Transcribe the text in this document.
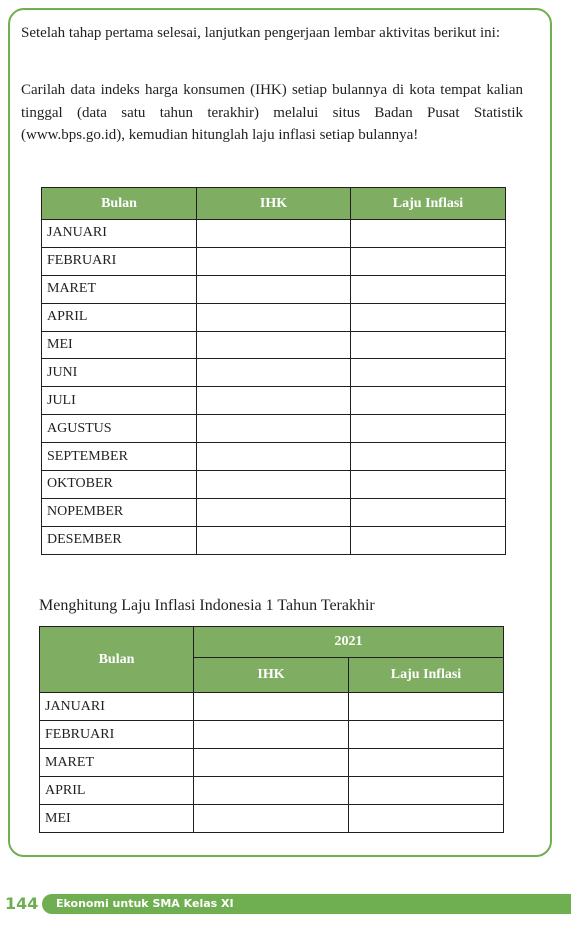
Setelah tahap pertama selesai, lanjutkan pengerjaan lembar aktivitas berikut ini:

Carilah data indeks harga konsumen (IHK) setiap bulannya di kota tempat kalian tinggal (data satu tahun terakhir) melalui situs Badan Pusat Statistik (www.bps.go.id), kemudian hitunglah laju inflasi setiap bulannya!

Bulan	IHK	Laju Inflasi
JANUARI		
FEBRUARI		
MARET		
APRIL		
MEI		
JUNI		
JULI		
AGUSTUS		
SEPTEMBER		
OKTOBER		
NOPEMBER		
DESEMBER		

Menghitung Laju Inflasi Indonesia 1 Tahun Terakhir

Bulan	2021	
	IHK	Laju Inflasi
JANUARI		
FEBRUARI		
MARET		
APRIL		
MEI		
144 Ekonomi untuk SMA Kelas XI
